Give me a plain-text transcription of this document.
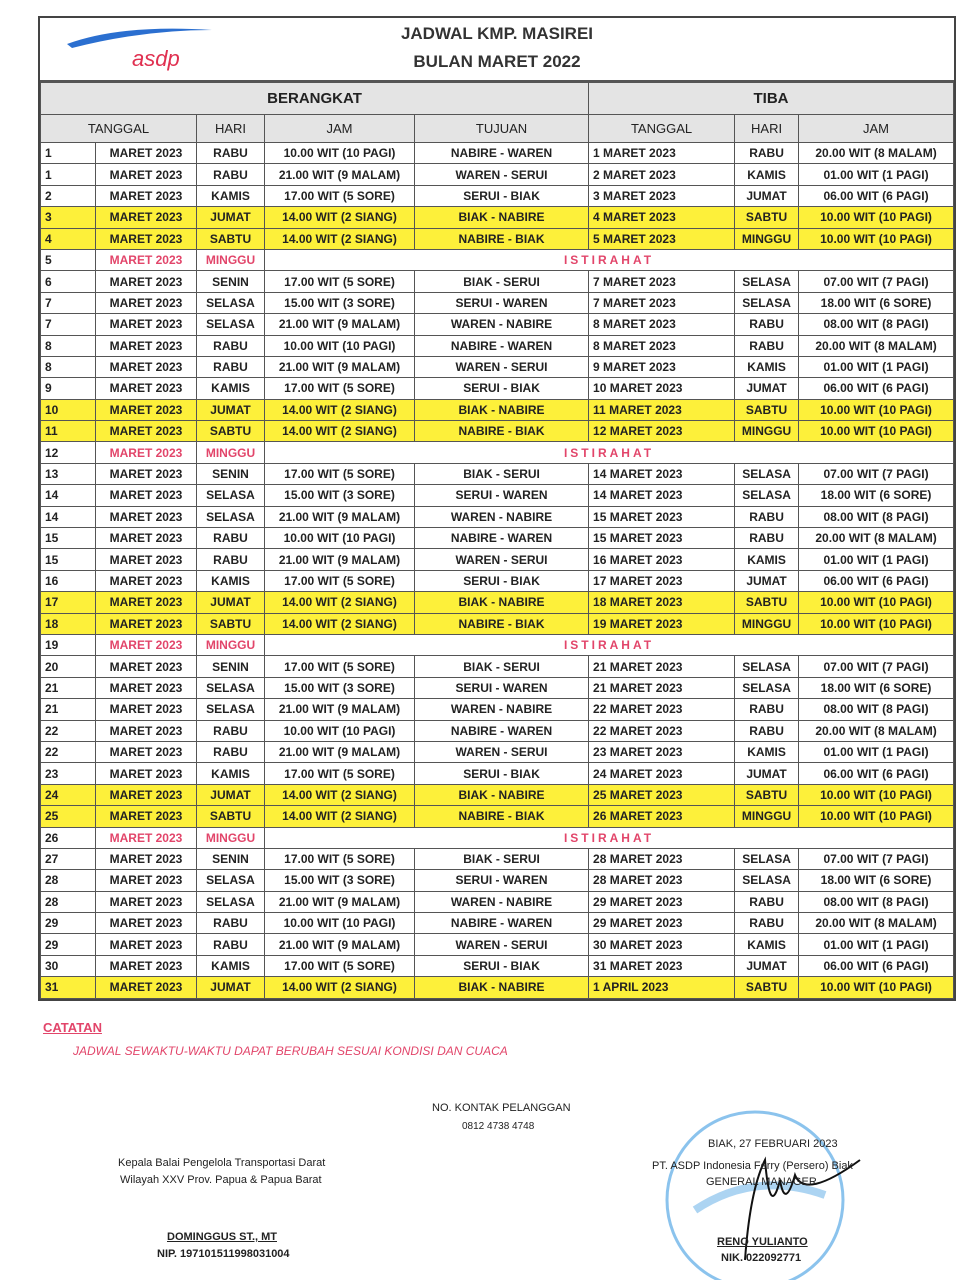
asdp
JADWAL KMP. MASIREI
BULAN MARET 2022
BERANGKAT					TIBA		
TANGGAL		HARI	JAM	TUJUAN	TANGGAL	HARI	JAM
1	MARET 2023	RABU	10.00 WIT (10 PAGI)	NABIRE - WAREN	1 MARET 2023	RABU	20.00 WIT (8 MALAM)
1	MARET 2023	RABU	21.00 WIT (9 MALAM)	WAREN - SERUI	2 MARET 2023	KAMIS	01.00 WIT (1 PAGI)
2	MARET 2023	KAMIS	17.00 WIT (5 SORE)	SERUI - BIAK	3 MARET 2023	JUMAT	06.00 WIT (6 PAGI)
3	MARET 2023	JUMAT	14.00 WIT (2 SIANG)	BIAK - NABIRE	4 MARET 2023	SABTU	10.00 WIT (10 PAGI)
4	MARET 2023	SABTU	14.00 WIT (2 SIANG)	NABIRE - BIAK	5 MARET 2023	MINGGU	10.00 WIT (10 PAGI)
5	MARET 2023	MINGGU	ISTIRAHAT				
6	MARET 2023	SENIN	17.00 WIT (5 SORE)	BIAK - SERUI	7 MARET 2023	SELASA	07.00 WIT (7 PAGI)
7	MARET 2023	SELASA	15.00 WIT (3 SORE)	SERUI - WAREN	7 MARET 2023	SELASA	18.00 WIT (6 SORE)
7	MARET 2023	SELASA	21.00 WIT (9 MALAM)	WAREN - NABIRE	8 MARET 2023	RABU	08.00 WIT (8 PAGI)
8	MARET 2023	RABU	10.00 WIT (10 PAGI)	NABIRE - WAREN	8 MARET 2023	RABU	20.00 WIT (8 MALAM)
8	MARET 2023	RABU	21.00 WIT (9 MALAM)	WAREN - SERUI	9 MARET 2023	KAMIS	01.00 WIT (1 PAGI)
9	MARET 2023	KAMIS	17.00 WIT (5 SORE)	SERUI - BIAK	10 MARET 2023	JUMAT	06.00 WIT (6 PAGI)
10	MARET 2023	JUMAT	14.00 WIT (2 SIANG)	BIAK - NABIRE	11 MARET 2023	SABTU	10.00 WIT (10 PAGI)
11	MARET 2023	SABTU	14.00 WIT (2 SIANG)	NABIRE - BIAK	12 MARET 2023	MINGGU	10.00 WIT (10 PAGI)
12	MARET 2023	MINGGU	ISTIRAHAT				
13	MARET 2023	SENIN	17.00 WIT (5 SORE)	BIAK - SERUI	14 MARET 2023	SELASA	07.00 WIT (7 PAGI)
14	MARET 2023	SELASA	15.00 WIT (3 SORE)	SERUI - WAREN	14 MARET 2023	SELASA	18.00 WIT (6 SORE)
14	MARET 2023	SELASA	21.00 WIT (9 MALAM)	WAREN - NABIRE	15 MARET 2023	RABU	08.00 WIT (8 PAGI)
15	MARET 2023	RABU	10.00 WIT (10 PAGI)	NABIRE - WAREN	15 MARET 2023	RABU	20.00 WIT (8 MALAM)
15	MARET 2023	RABU	21.00 WIT (9 MALAM)	WAREN - SERUI	16 MARET 2023	KAMIS	01.00 WIT (1 PAGI)
16	MARET 2023	KAMIS	17.00 WIT (5 SORE)	SERUI - BIAK	17 MARET 2023	JUMAT	06.00 WIT (6 PAGI)
17	MARET 2023	JUMAT	14.00 WIT (2 SIANG)	BIAK - NABIRE	18 MARET 2023	SABTU	10.00 WIT (10 PAGI)
18	MARET 2023	SABTU	14.00 WIT (2 SIANG)	NABIRE - BIAK	19 MARET 2023	MINGGU	10.00 WIT (10 PAGI)
19	MARET 2023	MINGGU	ISTIRAHAT				
20	MARET 2023	SENIN	17.00 WIT (5 SORE)	BIAK - SERUI	21 MARET 2023	SELASA	07.00 WIT (7 PAGI)
21	MARET 2023	SELASA	15.00 WIT (3 SORE)	SERUI - WAREN	21 MARET 2023	SELASA	18.00 WIT (6 SORE)
21	MARET 2023	SELASA	21.00 WIT (9 MALAM)	WAREN - NABIRE	22 MARET 2023	RABU	08.00 WIT (8 PAGI)
22	MARET 2023	RABU	10.00 WIT (10 PAGI)	NABIRE - WAREN	22 MARET 2023	RABU	20.00 WIT (8 MALAM)
22	MARET 2023	RABU	21.00 WIT (9 MALAM)	WAREN - SERUI	23 MARET 2023	KAMIS	01.00 WIT (1 PAGI)
23	MARET 2023	KAMIS	17.00 WIT (5 SORE)	SERUI - BIAK	24 MARET 2023	JUMAT	06.00 WIT (6 PAGI)
24	MARET 2023	JUMAT	14.00 WIT (2 SIANG)	BIAK - NABIRE	25 MARET 2023	SABTU	10.00 WIT (10 PAGI)
25	MARET 2023	SABTU	14.00 WIT (2 SIANG)	NABIRE - BIAK	26 MARET 2023	MINGGU	10.00 WIT (10 PAGI)
26	MARET 2023	MINGGU	ISTIRAHAT				
27	MARET 2023	SENIN	17.00 WIT (5 SORE)	BIAK - SERUI	28 MARET 2023	SELASA	07.00 WIT (7 PAGI)
28	MARET 2023	SELASA	15.00 WIT (3 SORE)	SERUI - WAREN	28 MARET 2023	SELASA	18.00 WIT (6 SORE)
28	MARET 2023	SELASA	21.00 WIT (9 MALAM)	WAREN - NABIRE	29 MARET 2023	RABU	08.00 WIT (8 PAGI)
29	MARET 2023	RABU	10.00 WIT (10 PAGI)	NABIRE - WAREN	29 MARET 2023	RABU	20.00 WIT (8 MALAM)
29	MARET 2023	RABU	21.00 WIT (9 MALAM)	WAREN - SERUI	30 MARET 2023	KAMIS	01.00 WIT (1 PAGI)
30	MARET 2023	KAMIS	17.00 WIT (5 SORE)	SERUI - BIAK	31 MARET 2023	JUMAT	06.00 WIT (6 PAGI)
31	MARET 2023	JUMAT	14.00 WIT (2 SIANG)	BIAK - NABIRE	1 APRIL 2023	SABTU	10.00 WIT (10 PAGI)
CATATAN
JADWAL SEWAKTU-WAKTU DAPAT BERUBAH SESUAI KONDISI DAN CUACA
NO. KONTAK PELANGGAN
0812 4738 4748
Kepala Balai Pengelola Transportasi Darat
Wilayah XXV Prov. Papua & Papua Barat
DOMINGGUS ST., MT
NIP. 197101511998031004
BIAK, 27 FEBRUARI 2023
PT. ASDP Indonesia Ferry (Persero) Biak
GENERAL MANAGER
RENO YULIANTO
NIK. 022092771
